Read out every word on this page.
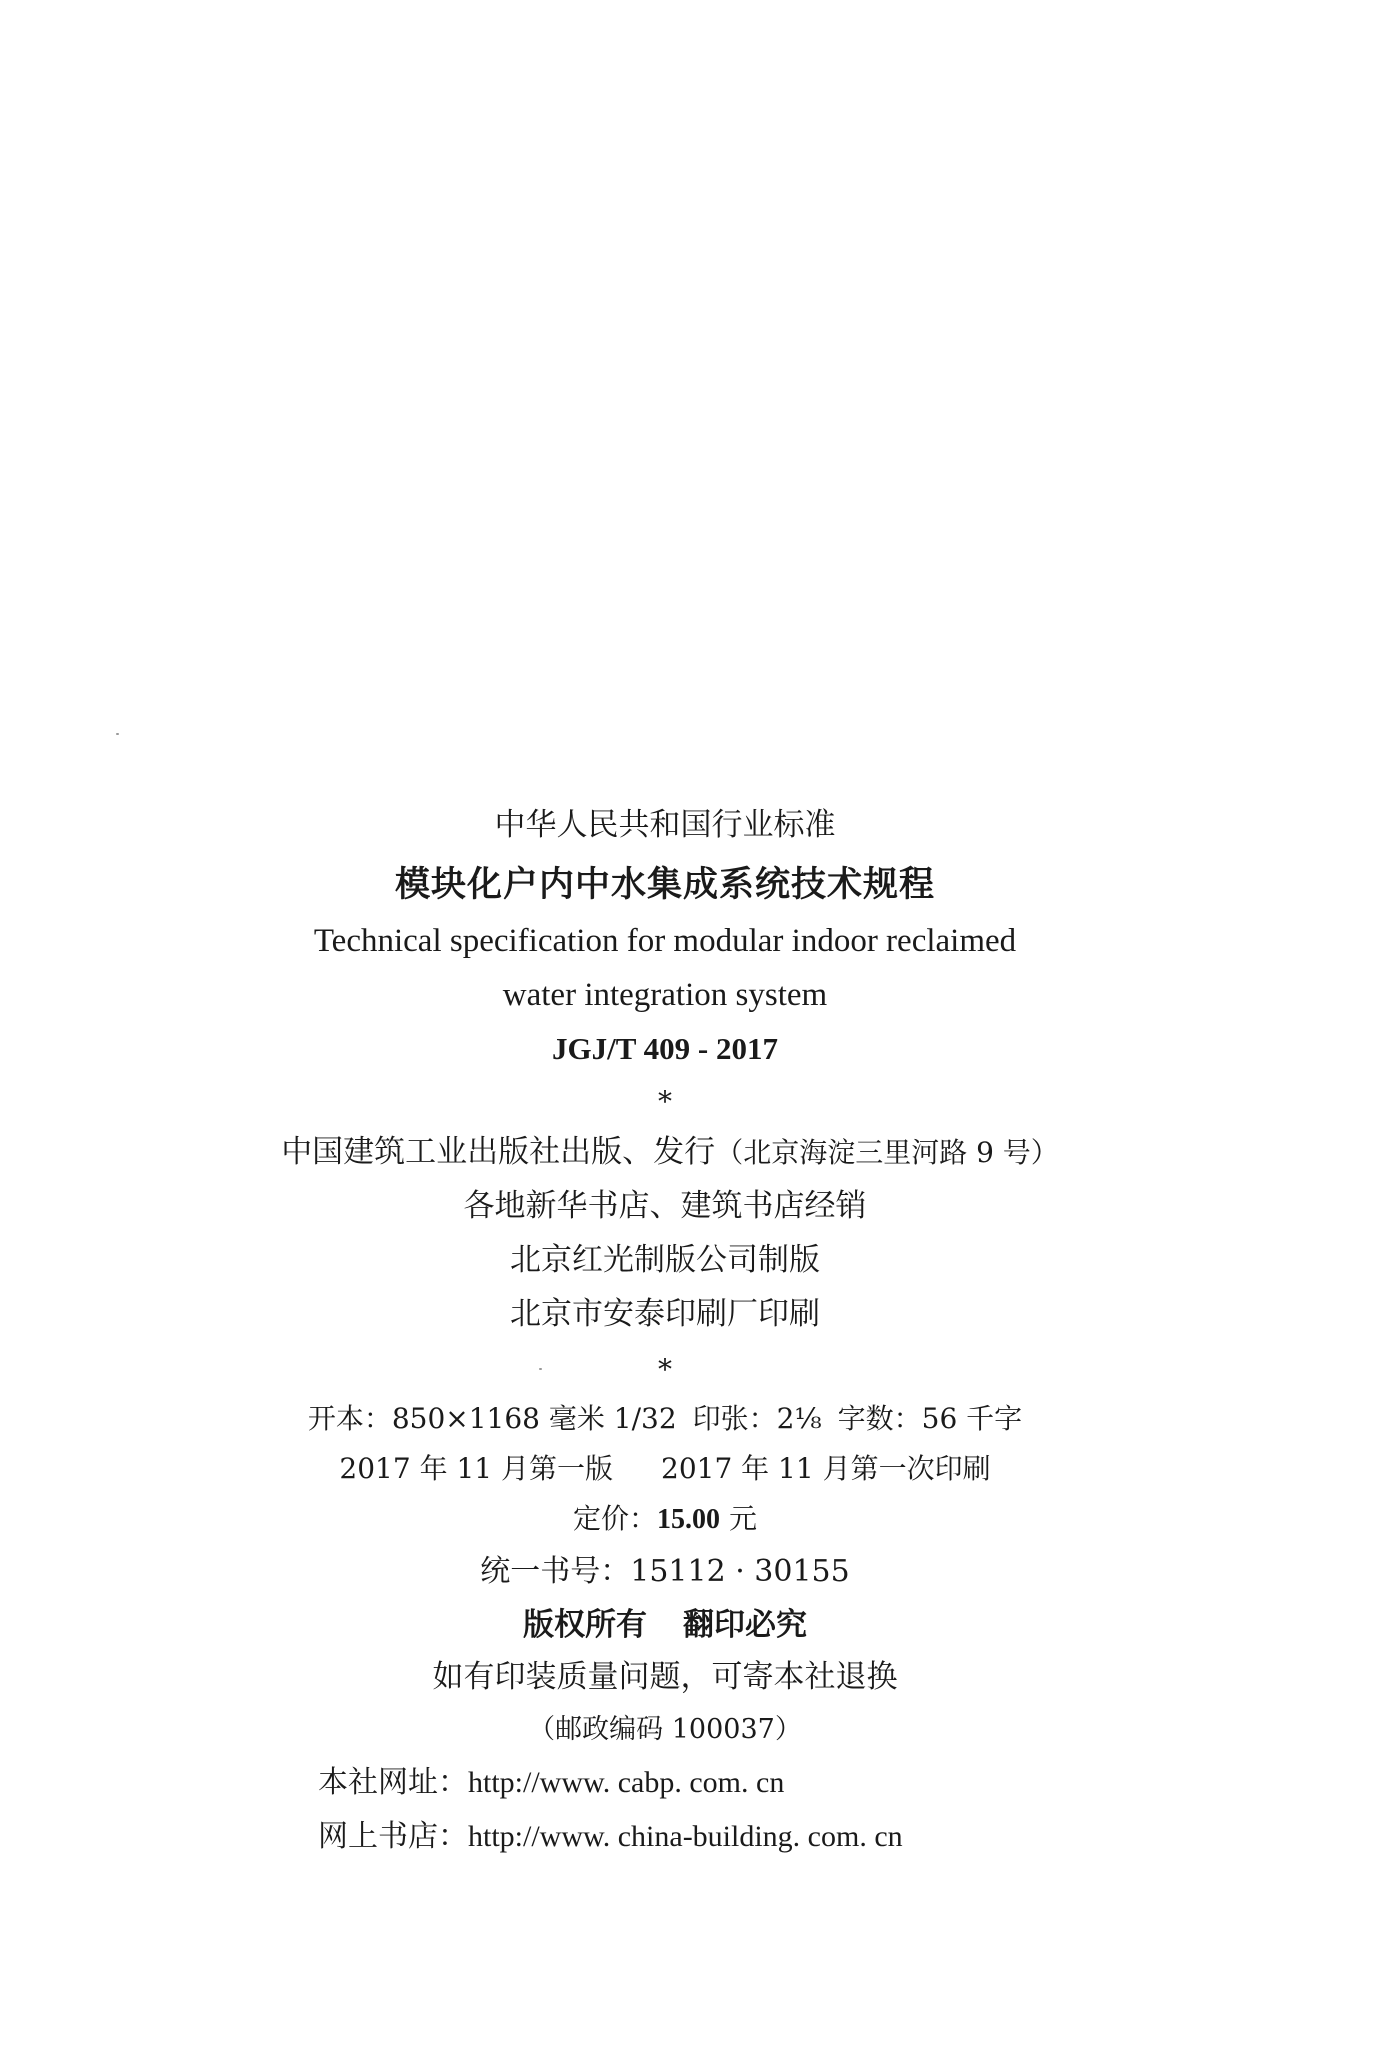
中华人民共和国行业标准
模块化户内中水集成系统技术规程
Technical specification for modular indoor reclaimed
water integration system
JGJ/T 409 - 2017
*
中国建筑工业出版社出版、发行（北京海淀三里河路 9 号）
各地新华书店、建筑书店经销
北京红光制版公司制版
北京市安泰印刷厂印刷
*
开本：850×1168 毫米 1/32 印张：2⅛ 字数：56 千字
2017 年 11 月第一版 2017 年 11 月第一次印刷
定价：15.00 元
统一书号：15112 · 30155
版权所有 翻印必究
如有印装质量问题，可寄本社退换
（邮政编码 100037）
本社网址：http://www. cabp. com. cn
网上书店：http://www. china-building. com. cn
